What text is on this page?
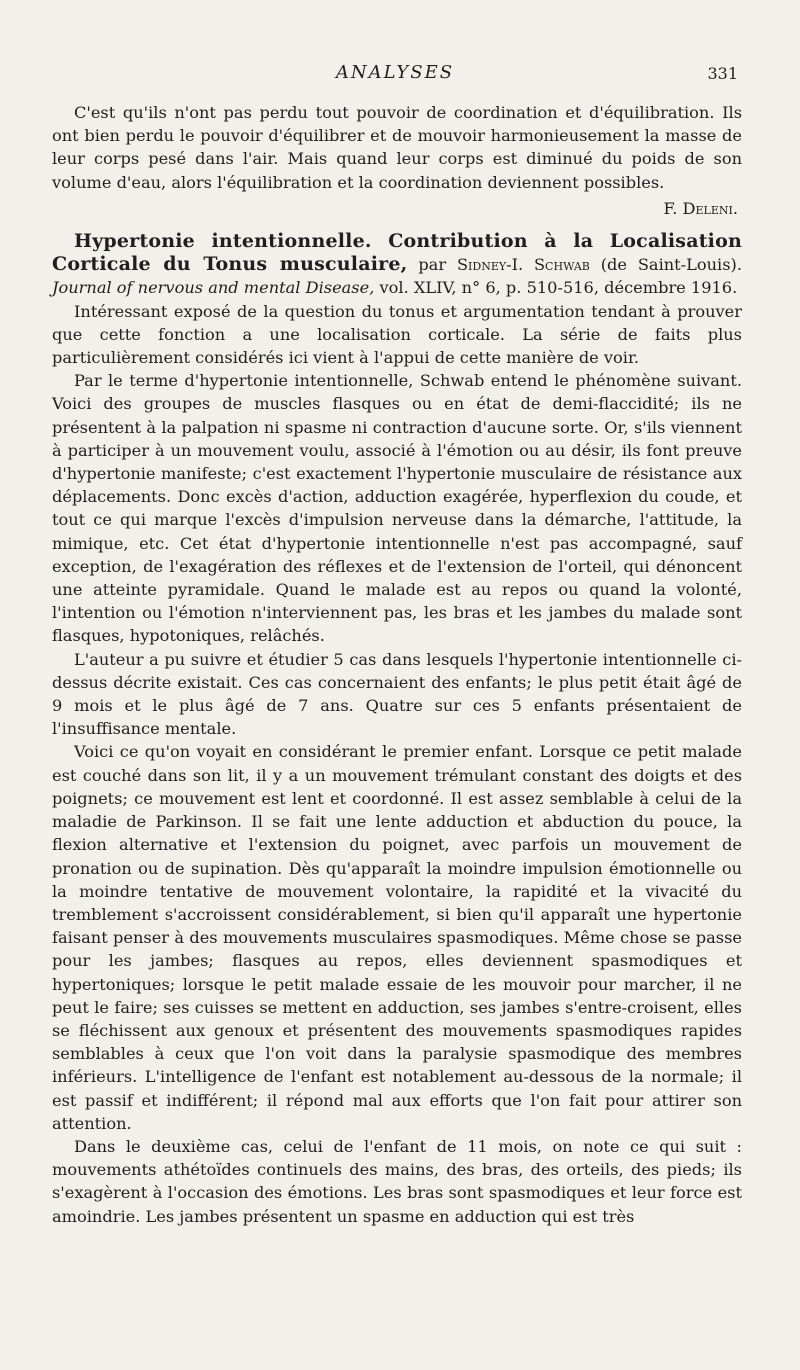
ANALYSES	331

C'est qu'ils n'ont pas perdu tout pouvoir de coordination et d'équilibration. Ils ont bien perdu le pouvoir d'équilibrer et de mouvoir harmonieusement la masse de leur corps pesé dans l'air. Mais quand leur corps est diminué du poids de son volume d'eau, alors l'équilibration et la coordination deviennent possibles.

F. Deleni.

Hypertonie intentionnelle. Contribution à la Localisation Corticale du Tonus musculaire, par Sidney-I. Schwab (de Saint-Louis). Journal of nervous and mental Disease, vol. XLIV, n° 6, p. 510-516, décembre 1916.

Intéressant exposé de la question du tonus et argumentation tendant à prouver que cette fonction a une localisation corticale. La série de faits plus particulièrement considérés ici vient à l'appui de cette manière de voir.

Par le terme d'hypertonie intentionnelle, Schwab entend le phénomène suivant. Voici des groupes de muscles flasques ou en état de demi-flaccidité; ils ne présentent à la palpation ni spasme ni contraction d'aucune sorte. Or, s'ils viennent à participer à un mouvement voulu, associé à l'émotion ou au désir, ils font preuve d'hypertonie manifeste; c'est exactement l'hypertonie musculaire de résistance aux déplacements. Donc excès d'action, adduction exagérée, hyperflexion du coude, et tout ce qui marque l'excès d'impulsion nerveuse dans la démarche, l'attitude, la mimique, etc. Cet état d'hypertonie intentionnelle n'est pas accompagné, sauf exception, de l'exagération des réflexes et de l'extension de l'orteil, qui dénoncent une atteinte pyramidale. Quand le malade est au repos ou quand la volonté, l'intention ou l'émotion n'interviennent pas, les bras et les jambes du malade sont flasques, hypotoniques, relâchés.

L'auteur a pu suivre et étudier 5 cas dans lesquels l'hypertonie intentionnelle ci-dessus décrite existait. Ces cas concernaient des enfants; le plus petit était âgé de 9 mois et le plus âgé de 7 ans. Quatre sur ces 5 enfants présentaient de l'insuffisance mentale.

Voici ce qu'on voyait en considérant le premier enfant. Lorsque ce petit malade est couché dans son lit, il y a un mouvement trémulant constant des doigts et des poignets; ce mouvement est lent et coordonné. Il est assez semblable à celui de la maladie de Parkinson. Il se fait une lente adduction et abduction du pouce, la flexion alternative et l'extension du poignet, avec parfois un mouvement de pronation ou de supination. Dès qu'apparaît la moindre impulsion émotionnelle ou la moindre tentative de mouvement volontaire, la rapidité et la vivacité du tremblement s'accroissent considérablement, si bien qu'il apparaît une hypertonie faisant penser à des mouvements musculaires spasmodiques. Même chose se passe pour les jambes; flasques au repos, elles deviennent spasmodiques et hypertoniques; lorsque le petit malade essaie de les mouvoir pour marcher, il ne peut le faire; ses cuisses se mettent en adduction, ses jambes s'entre-croisent, elles se fléchissent aux genoux et présentent des mouvements spasmodiques rapides semblables à ceux que l'on voit dans la paralysie spasmodique des membres inférieurs. L'intelligence de l'enfant est notablement au-dessous de la normale; il est passif et indifférent; il répond mal aux efforts que l'on fait pour attirer son attention.

Dans le deuxième cas, celui de l'enfant de 11 mois, on note ce qui suit : mouvements athétoïdes continuels des mains, des bras, des orteils, des pieds; ils s'exagèrent à l'occasion des émotions. Les bras sont spasmodiques et leur force est amoindrie. Les jambes présentent un spasme en adduction qui est très
